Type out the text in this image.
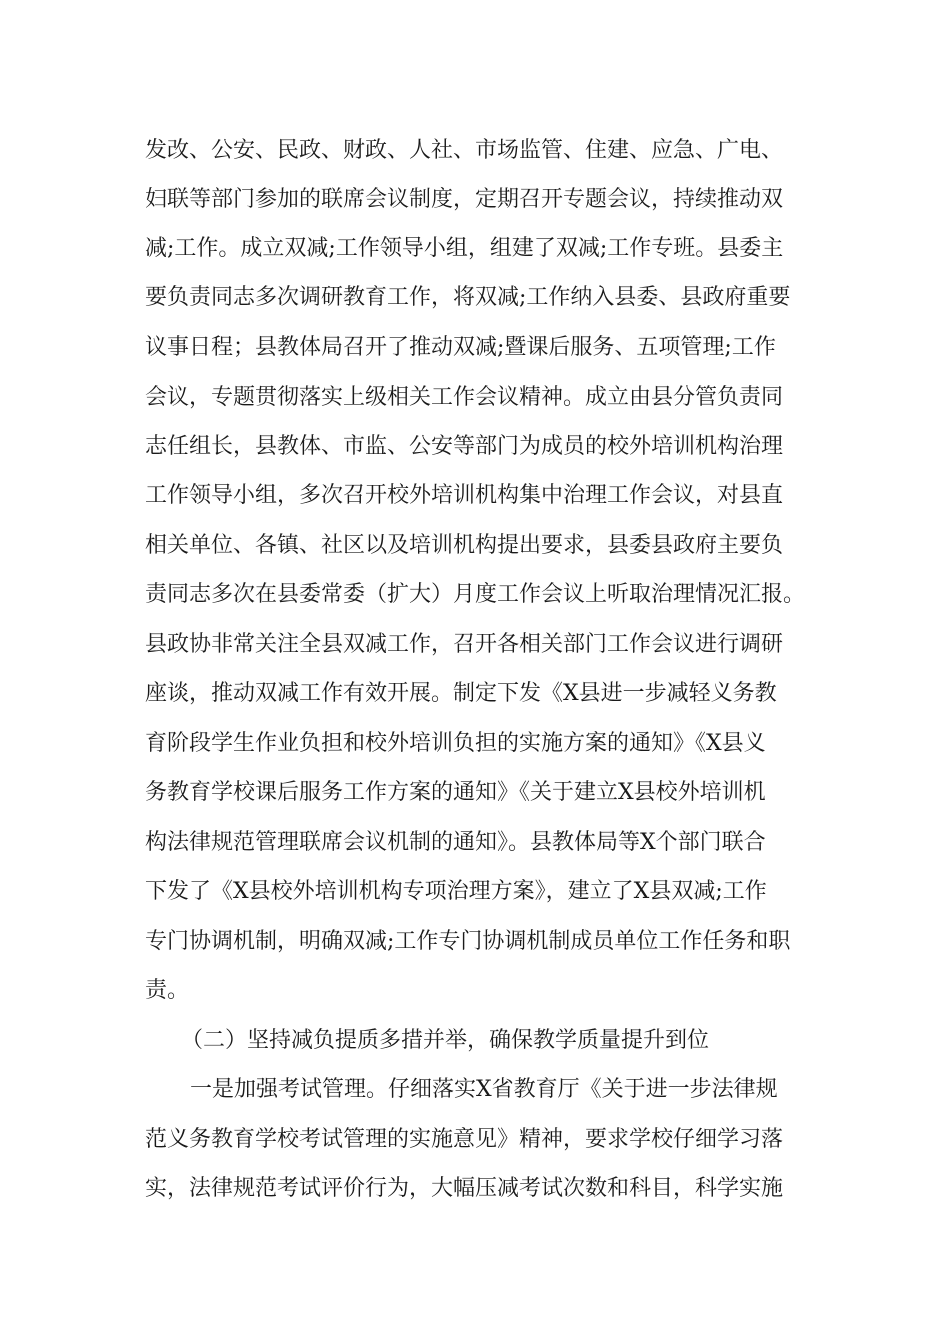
发改、公安、民政、财政、人社、市场监管、住建、应急、广电、
妇联等部门参加的联席会议制度，定期召开专题会议，持续推动双
减;工作。成立双减;工作领导小组，组建了双减;工作专班。县委主
要负责同志多次调研教育工作，将双减;工作纳入县委、县政府重要
议事日程；县教体局召开了推动双减;暨课后服务、五项管理;工作
会议，专题贯彻落实上级相关工作会议精神。成立由县分管负责同
志任组长，县教体、市监、公安等部门为成员的校外培训机构治理
工作领导小组，多次召开校外培训机构集中治理工作会议，对县直
相关单位、各镇、社区以及培训机构提出要求，县委县政府主要负
责同志多次在县委常委（扩大）月度工作会议上听取治理情况汇报。
县政协非常关注全县双减工作，召开各相关部门工作会议进行调研
座谈，推动双减工作有效开展。制定下发《X县进一步减轻义务教
育阶段学生作业负担和校外培训负担的实施方案的通知》《X县义
务教育学校课后服务工作方案的通知》《关于建立X县校外培训机
构法律规范管理联席会议机制的通知》。县教体局等X个部门联合
下发了《X县校外培训机构专项治理方案》，建立了X县双减;工作
专门协调机制，明确双减;工作专门协调机制成员单位工作任务和职
责。
（二）坚持减负提质多措并举，确保教学质量提升到位
一是加强考试管理。仔细落实X省教育厅《关于进一步法律规
范义务教育学校考试管理的实施意见》精神，要求学校仔细学习落
实，法律规范考试评价行为，大幅压减考试次数和科目，科学实施
